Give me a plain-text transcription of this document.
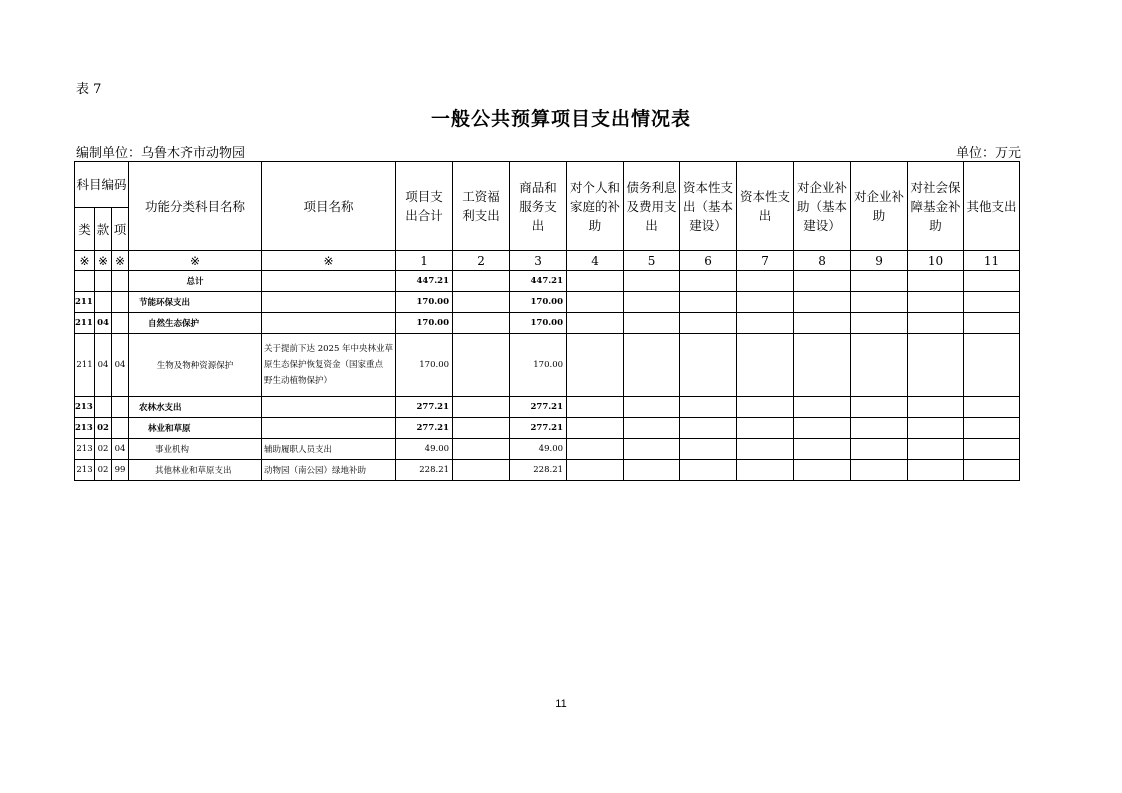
表 7
一般公共预算项目支出情况表
编制单位：乌鲁木齐市动物园	单位：万元
科目编码			功能分类科目名称	项目名称	项目支出合计	工资福利支出	商品和服务支出	对个人和家庭的补助	债务利息及费用支出	资本性支出（基本建设）	资本性支出	对企业补助（基本建设）	对企业补助	对社会保障基金补助	其他支出
类	款	项													
※	※	※	※	※	1	2	3	4	5	6	7	8	9	10	11
			总计		447.21		447.21								
211			节能环保支出		170.00		170.00								
211	04		自然生态保护		170.00		170.00								
211	04	04	生物及物种资源保护	关于提前下达 2025 年中央林业草
原生态保护恢复资金（国家重点
野生动植物保护）	170.00		170.00								
213			农林水支出		277.21		277.21								
213	02		林业和草原		277.21		277.21								
213	02	04	事业机构	辅助履职人员支出	49.00		49.00								
213	02	99	其他林业和草原支出	动物园（南公园）绿地补助	228.21		228.21								
11
